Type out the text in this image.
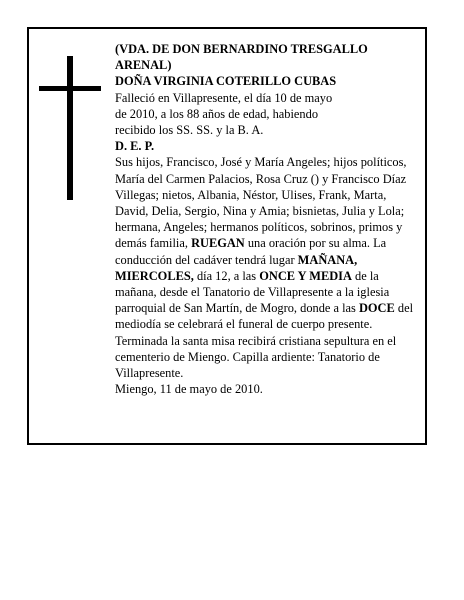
(VDA. DE DON BERNARDINO TRESGALLO
ARENAL)

DOÑA VIRGINIA COTERILLO CUBAS

Falleció en Villapresente, el día 10 de mayo
de 2010, a los 88 años de edad, habiendo
recibido los SS. SS. y la B. A.

D. E. P.

Sus hijos, Francisco, José y María Angeles; hijos políticos, María del Carmen Palacios, Rosa Cruz () y Francisco Díaz Villegas; nietos, Albania, Néstor, Ulises, Frank, Marta, David, Delia, Sergio, Nina y Amia; bisnietas, Julia y Lola; hermana, Angeles; hermanos políticos, sobrinos, primos y demás familia, RUEGAN una oración por su alma. La conducción del cadáver tendrá lugar MAÑANA, MIERCOLES, día 12, a las ONCE Y MEDIA de la mañana, desde el Tanatorio de Villapresente a la iglesia parroquial de San Martín, de Mogro, donde a las DOCE del mediodía se celebrará el funeral de cuerpo presente. Terminada la santa misa recibirá cristiana sepultura en el cementerio de Miengo. Capilla ardiente: Tanatorio de Villapresente.

Miengo, 11 de mayo de 2010.
